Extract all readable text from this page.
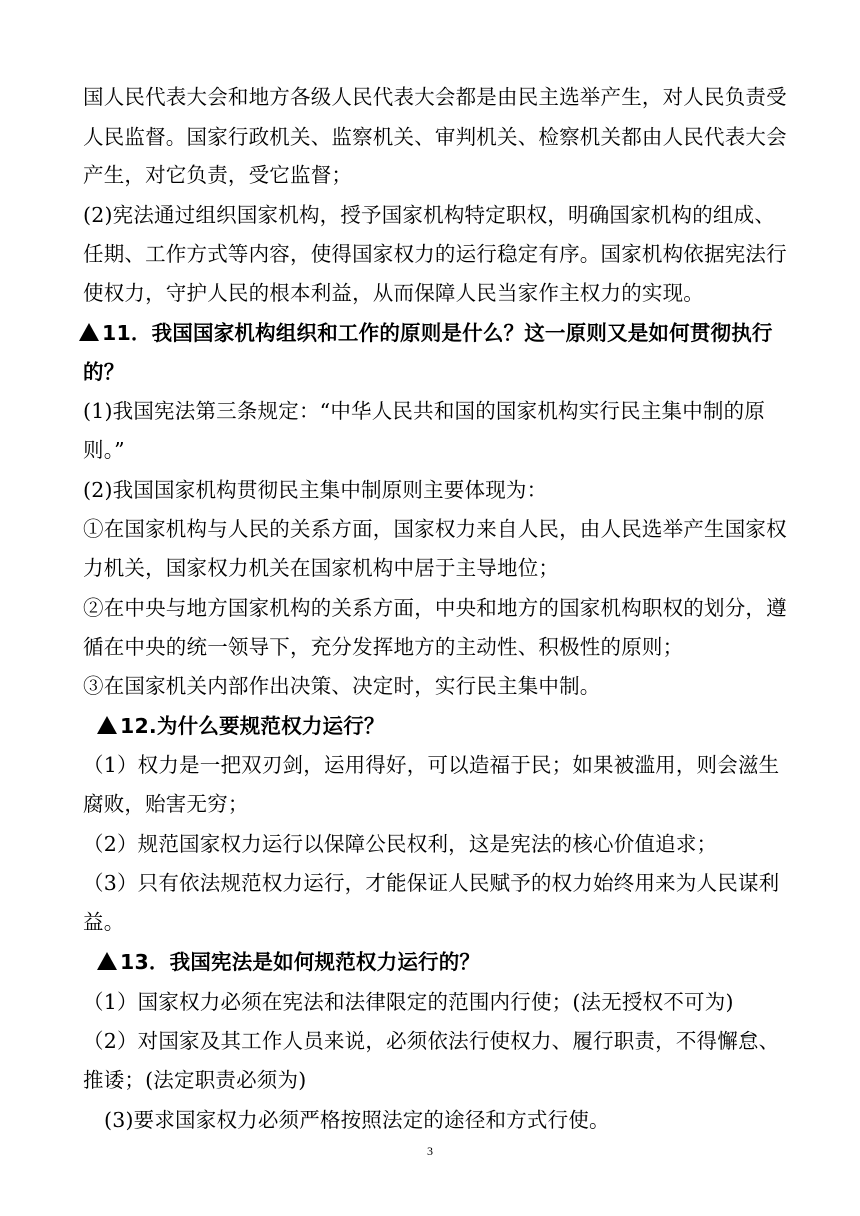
国人民代表大会和地方各级人民代表大会都是由民主选举产生，对人民负责受
人民监督。国家行政机关、监察机关、审判机关、检察机关都由人民代表大会
产生，对它负责，受它监督；
(2)宪法通过组织国家机构，授予国家机构特定职权，明确国家机构的组成、
任期、工作方式等内容，使得国家权力的运行稳定有序。国家机构依据宪法行
使权力，守护人民的根本利益，从而保障人民当家作主权力的实现。
11．我国国家机构组织和工作的原则是什么？这一原则又是如何贯彻执行
的？
(1)我国宪法第三条规定：“中华人民共和国的国家机构实行民主集中制的原
则。”
(2)我国国家机构贯彻民主集中制原则主要体现为：
①在国家机构与人民的关系方面，国家权力来自人民，由人民选举产生国家权
力机关，国家权力机关在国家机构中居于主导地位；
②在中央与地方国家机构的关系方面，中央和地方的国家机构职权的划分，遵
循在中央的统一领导下，充分发挥地方的主动性、积极性的原则；
③在国家机关内部作出决策、决定时，实行民主集中制。
12.为什么要规范权力运行？
（1）权力是一把双刃剑，运用得好，可以造福于民；如果被滥用，则会滋生
腐败，贻害无穷；
（2）规范国家权力运行以保障公民权利，这是宪法的核心价值追求；
（3）只有依法规范权力运行，才能保证人民赋予的权力始终用来为人民谋利
益。
13．我国宪法是如何规范权力运行的？
（1）国家权力必须在宪法和法律限定的范围内行使；(法无授权不可为)
（2）对国家及其工作人员来说，必须依法行使权力、履行职责，不得懈怠、
推诿；(法定职责必须为)
(3)要求国家权力必须严格按照法定的途径和方式行使。
3
